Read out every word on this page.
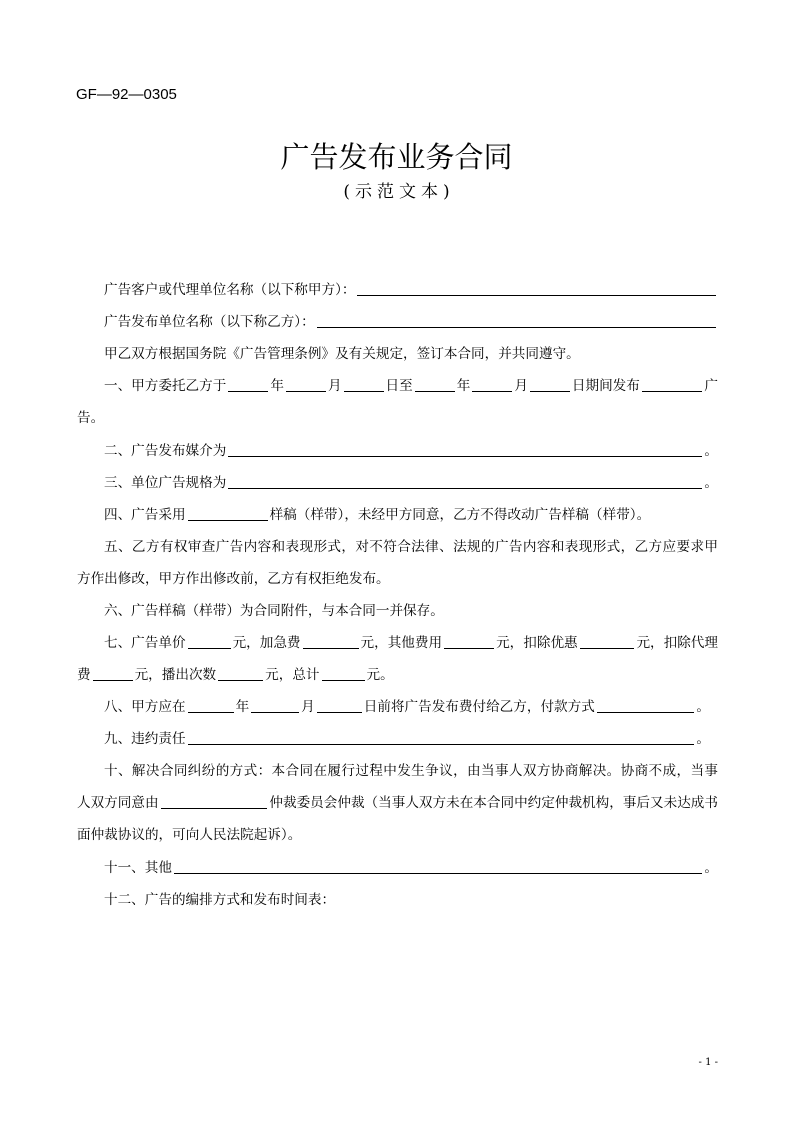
GF—92—0305
广告发布业务合同
(示范文本)
广告客户或代理单位名称（以下称甲方）：
广告发布单位名称（以下称乙方）：
甲乙双方根据国务院《广告管理条例》及有关规定，签订本合同，并共同遵守。
一、甲方委托乙方于	年	月	日至	年	月	日期间发布	广
告。
二、广告发布媒介为	。
三、单位广告规格为	。
四、广告采用	样稿（样带），未经甲方同意，乙方不得改动广告样稿（样带）。
五、乙方有权审查广告内容和表现形式，对不符合法律、法规的广告内容和表现形式，乙方应要求甲
方作出修改，甲方作出修改前，乙方有权拒绝发布。
六、广告样稿（样带）为合同附件，与本合同一并保存。
七、广告单价	元，加急费	元，其他费用	元，扣除优惠	元，扣除代理
费	元，播出次数	元，总计	元。
八、甲方应在	年	月	日前将广告发布费付给乙方，付款方式	。
九、违约责任	。
十、解决合同纠纷的方式：本合同在履行过程中发生争议，由当事人双方协商解决。协商不成，当事
人双方同意由	仲裁委员会仲裁（当事人双方未在本合同中约定仲裁机构，事后又未达成书
面仲裁协议的，可向人民法院起诉）。
十一、其他	。
十二、广告的编排方式和发布时间表：
- 1 -
